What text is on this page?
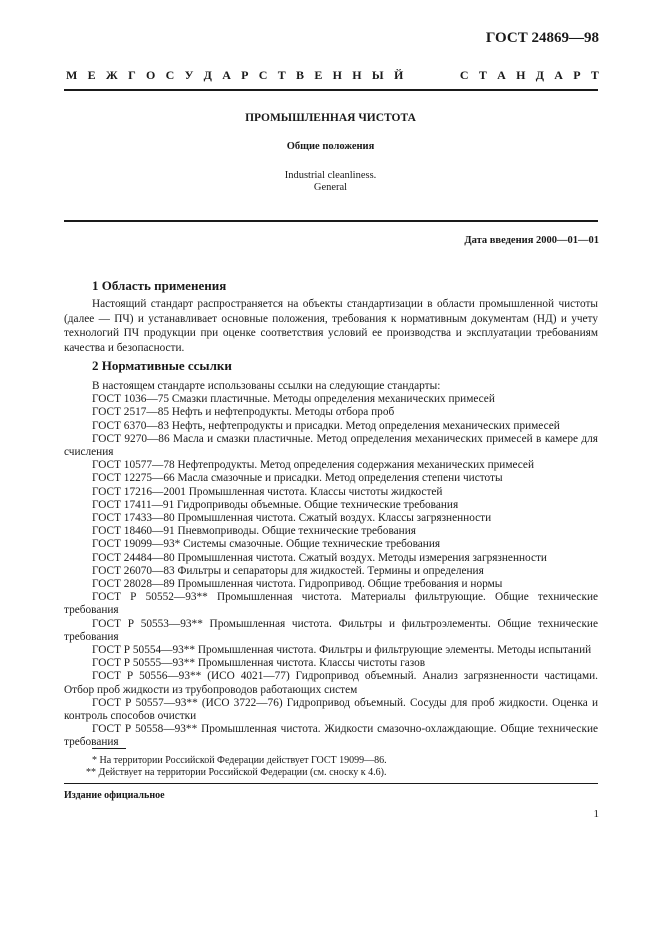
ГОСТ 24869—98
М Е Ж Г О С У Д А Р С Т В Е Н Н Ы Й	С Т А Н Д А Р Т
ПРОМЫШЛЕННАЯ ЧИСТОТА
Общие положения
Industrial cleanliness.
General
Дата введения 2000—01—01
1 Область применения
Настоящий стандарт распространяется на объекты стандартизации в области промышленной чистоты (далее — ПЧ) и устанавливает основные положения, требования к нормативным документам (НД) и учету технологий ПЧ продукции при оценке соответствия условий ее производства и эксплуатации требованиям качества и безопасности.
2 Нормативные ссылки

В настоящем стандарте использованы ссылки на следующие стандарты:

ГОСТ 1036—75 Смазки пластичные. Методы определения механических примесей

ГОСТ 2517—85 Нефть и нефтепродукты. Методы отбора проб

ГОСТ 6370—83 Нефть, нефтепродукты и присадки. Метод определения механических примесей

ГОСТ 9270—86 Масла и смазки пластичные. Метод определения механических примесей в камере для счисления

ГОСТ 10577—78 Нефтепродукты. Метод определения содержания механических примесей

ГОСТ 12275—66 Масла смазочные и присадки. Метод определения степени чистоты

ГОСТ 17216—2001 Промышленная чистота. Классы чистоты жидкостей

ГОСТ 17411—91 Гидроприводы объемные. Общие технические требования

ГОСТ 17433—80 Промышленная чистота. Сжатый воздух. Классы загрязненности

ГОСТ 18460—91 Пневмоприводы. Общие технические требования

ГОСТ 19099—93* Системы смазочные. Общие технические требования

ГОСТ 24484—80 Промышленная чистота. Сжатый воздух. Методы измерения загрязненности

ГОСТ 26070—83 Фильтры и сепараторы для жидкостей. Термины и определения

ГОСТ 28028—89 Промышленная чистота. Гидропривод. Общие требования и нормы

ГОСТ Р 50552—93** Промышленная чистота. Материалы фильтрующие. Общие технические требования

ГОСТ Р 50553—93** Промышленная чистота. Фильтры и фильтроэлементы. Общие технические требования

ГОСТ Р 50554—93** Промышленная чистота. Фильтры и фильтрующие элементы. Методы испытаний

ГОСТ Р 50555—93** Промышленная чистота. Классы чистоты газов

ГОСТ Р 50556—93** (ИСО 4021—77) Гидропривод объемный. Анализ загрязненности частицами. Отбор проб жидкости из трубопроводов работающих систем

ГОСТ Р 50557—93** (ИСО 3722—76) Гидропривод объемный. Сосуды для проб жидкости. Оценка и контроль способов очистки

ГОСТ Р 50558—93** Промышленная чистота. Жидкости смазочно-охлаждающие. Общие технические требования

* На территории Российской Федерации действует ГОСТ 19099—86.
** Действует на территории Российской Федерации (см. сноску к 4.6).
Издание официальное
1
